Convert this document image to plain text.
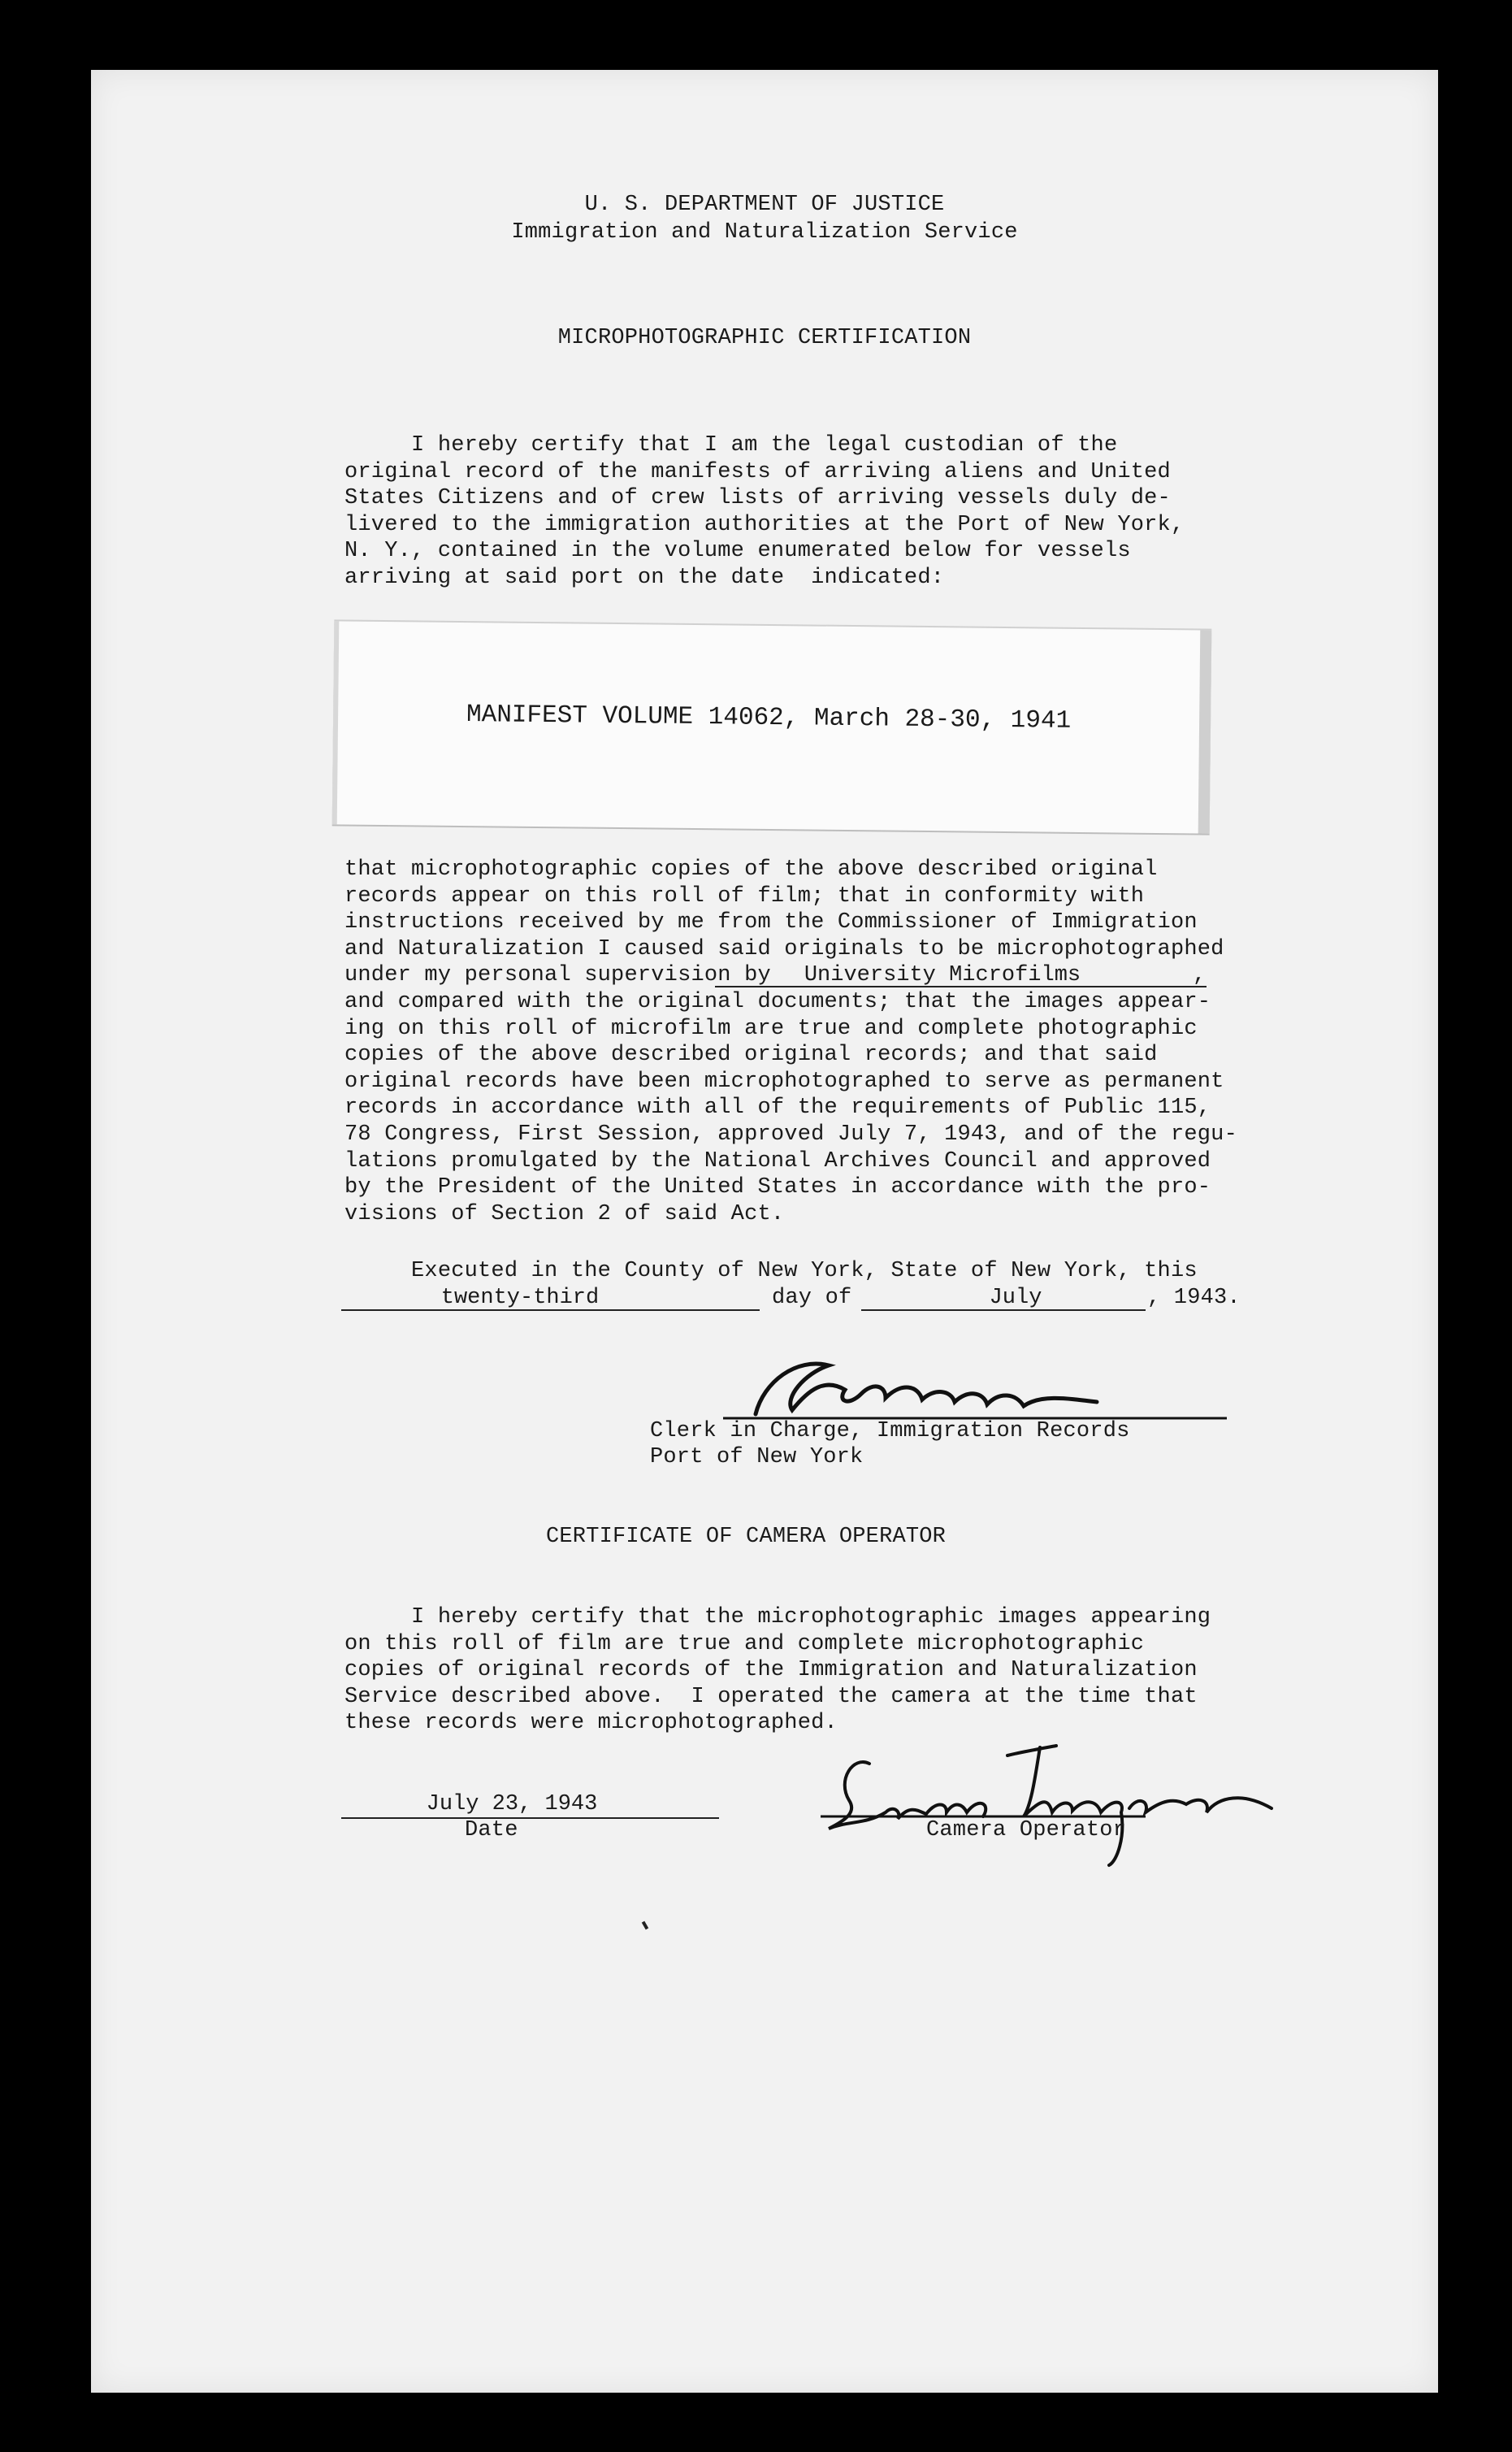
U. S. DEPARTMENT OF JUSTICE
Immigration and Naturalization Service
MICROPHOTOGRAPHIC CERTIFICATION
I hereby certify that I am the legal custodian of the
original record of the manifests of arriving aliens and United
States Citizens and of crew lists of arriving vessels duly de-
livered to the immigration authorities at the Port of New York,
N. Y., contained in the volume enumerated below for vessels
arriving at said port on the date  indicated:
MANIFEST VOLUME 14062, March 28-30, 1941
that microphotographic copies of the above described original
records appear on this roll of film; that in conformity with
instructions received by me from the Commissioner of Immigration
and Naturalization I caused said originals to be microphotographed
under my personal supervision by
and compared with the original documents; that the images appear-
ing on this roll of microfilm are true and complete photographic
copies of the above described original records; and that said
original records have been microphotographed to serve as permanent
records in accordance with all of the requirements of Public 115,
78 Congress, First Session, approved July 7, 1943, and of the regu-
lations promulgated by the National Archives Council and approved
by the President of the United States in accordance with the pro-
visions of Section 2 of said Act.
University Microfilms	,
Executed in the County of New York, State of New York, this
twenty-third	day of	July	, 1943.
Clerk in Charge, Immigration Records
Port of New York
CERTIFICATE OF CAMERA OPERATOR
I hereby certify that the microphotographic images appearing
on this roll of film are true and complete microphotographic
copies of original records of the Immigration and Naturalization
Service described above.  I operated the camera at the time that
these records were microphotographed.
July 23, 1943
Date	Camera Operator
